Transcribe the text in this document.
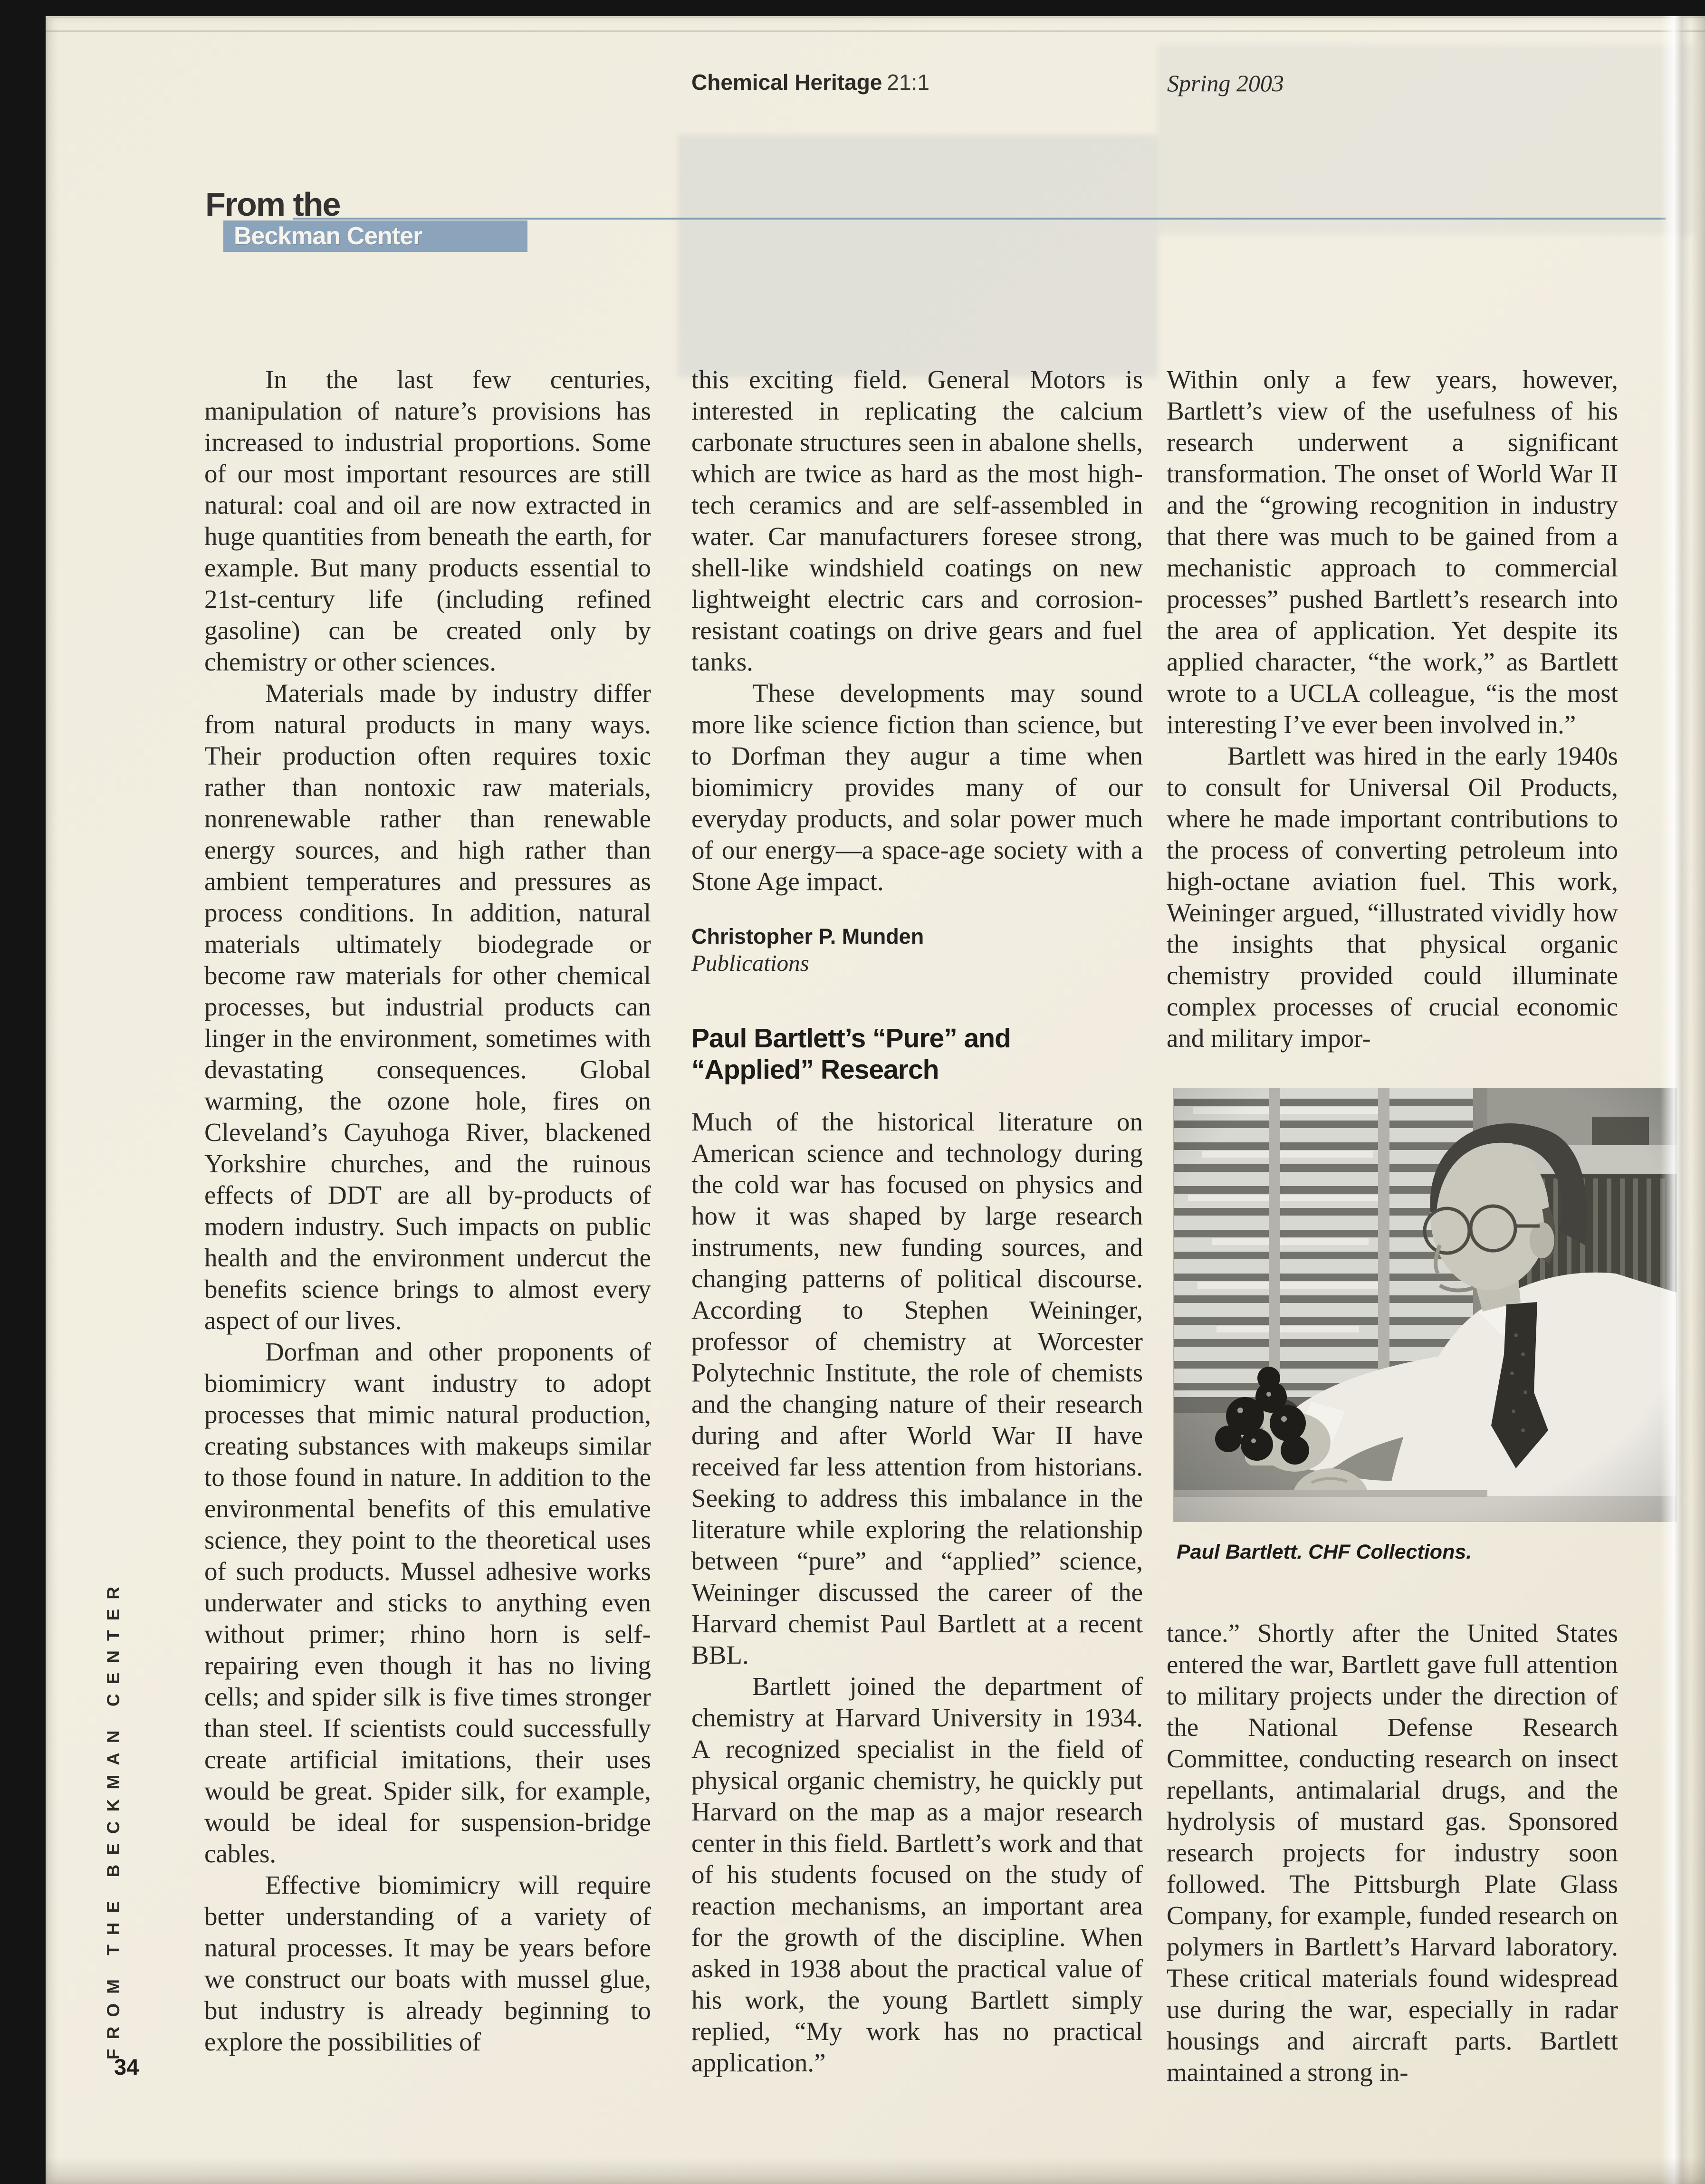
Chemical Heritage 21:1	Spring 2003
From the
Beckman Center

In the last few centuries, manipulation of nature’s provisions has increased to industrial proportions. Some of our most important resources are still natural: coal and oil are now extracted in huge quantities from beneath the earth, for example. But many products essential to 21st-century life (including refined gasoline) can be created only by chemistry or other sciences.

Materials made by industry differ from natural products in many ways. Their production often requires toxic rather than nontoxic raw materials, nonrenewable rather than renewable energy sources, and high rather than ambient temperatures and pressures as process conditions. In addition, natural materials ultimately biodegrade or become raw materials for other chemical processes, but industrial products can linger in the environment, sometimes with devastating consequences. Global warming, the ozone hole, fires on Cleveland’s Cayuhoga River, blackened Yorkshire churches, and the ruinous effects of DDT are all by-products of modern industry. Such impacts on public health and the environment undercut the benefits science brings to almost every aspect of our lives.

Dorfman and other proponents of biomimicry want industry to adopt processes that mimic natural production, creating substances with makeups similar to those found in nature. In addition to the environmental benefits of this emulative science, they point to the theoretical uses of such products. Mussel adhesive works underwater and sticks to anything even without primer; rhino horn is self-repairing even though it has no living cells; and spider silk is five times stronger than steel. If scientists could successfully create artificial imitations, their uses would be great. Spider silk, for example, would be ideal for suspension-bridge cables.

Effective biomimicry will require better understanding of a variety of natural processes. It may be years before we construct our boats with mussel glue, but industry is already beginning to explore the possibilities of

this exciting field. General Motors is interested in replicating the calcium carbonate structures seen in abalone shells, which are twice as hard as the most high-tech ceramics and are self-assembled in water. Car manufacturers foresee strong, shell-like windshield coatings on new lightweight electric cars and corrosion-resistant coatings on drive gears and fuel tanks.

These developments may sound more like science fiction than science, but to Dorfman they augur a time when biomimicry provides many of our everyday products, and solar power much of our energy—a space-age society with a Stone Age impact.

Christopher P. Munden
Publications
Paul Bartlett’s “Pure” and
“Applied” Research

Much of the historical literature on American science and technology during the cold war has focused on physics and how it was shaped by large research instruments, new funding sources, and changing patterns of political discourse. According to Stephen Weininger, professor of chemistry at Worcester Polytechnic Institute, the role of chemists and the changing nature of their research during and after World War II have received far less attention from historians. Seeking to address this imbalance in the literature while exploring the relationship between “pure” and “applied” science, Weininger discussed the career of the Harvard chemist Paul Bartlett at a recent BBL.

Bartlett joined the department of chemistry at Harvard University in 1934. A recognized specialist in the field of physical organic chemistry, he quickly put Harvard on the map as a major research center in this field. Bartlett’s work and that of his students focused on the study of reaction mechanisms, an important area for the growth of the discipline. When asked in 1938 about the practical value of his work, the young Bartlett simply replied, “My work has no practical application.”

Within only a few years, however, Bartlett’s view of the usefulness of his research underwent a significant transformation. The onset of World War II and the “growing recognition in industry that there was much to be gained from a mechanistic approach to commercial processes” pushed Bartlett’s research into the area of application. Yet despite its applied character, “the work,” as Bartlett wrote to a UCLA colleague, “is the most interesting I’ve ever been involved in.”

Bartlett was hired in the early 1940s to consult for Universal Oil Products, where he made important contributions to the process of converting petroleum into high-octane aviation fuel. This work, Weininger argued, “illustrated vividly how the insights that physical organic chemistry provided could illuminate complex processes of crucial economic and military impor-

Paul Bartlett. CHF Collections.

tance.” Shortly after the United States entered the war, Bartlett gave full attention to military projects under the direction of the National Defense Research Committee, conducting research on insect repellants, antimalarial drugs, and the hydrolysis of mustard gas. Sponsored research projects for industry soon followed. The Pittsburgh Plate Glass Company, for example, funded research on polymers in Bartlett’s Harvard laboratory. These critical materials found widespread use during the war, especially in radar housings and aircraft parts. Bartlett maintained a strong in-

FROM THE BECKMAN CENTER
34
